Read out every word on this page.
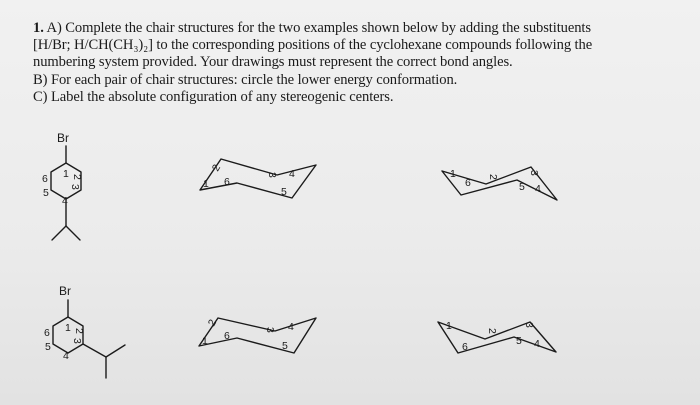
1. A) Complete the chair structures for the two examples shown below by adding the substituents
[H/Br; H/CH(CH₃)₂] to the corresponding positions of the cyclohexane compounds following the
numbering system provided. Your drawings must represent the correct bond angles.
B) For each pair of chair structures: circle the lower energy conformation.
C) Label the absolute configuration of any stereogenic centers.
Br
1 2
3
4
5
6	1
2
6
3 4
5
1
6
2
3
5 4
Br
1 2
3
4
5
6
1
2
6
3 4
5
1
6
2
3
5 4
